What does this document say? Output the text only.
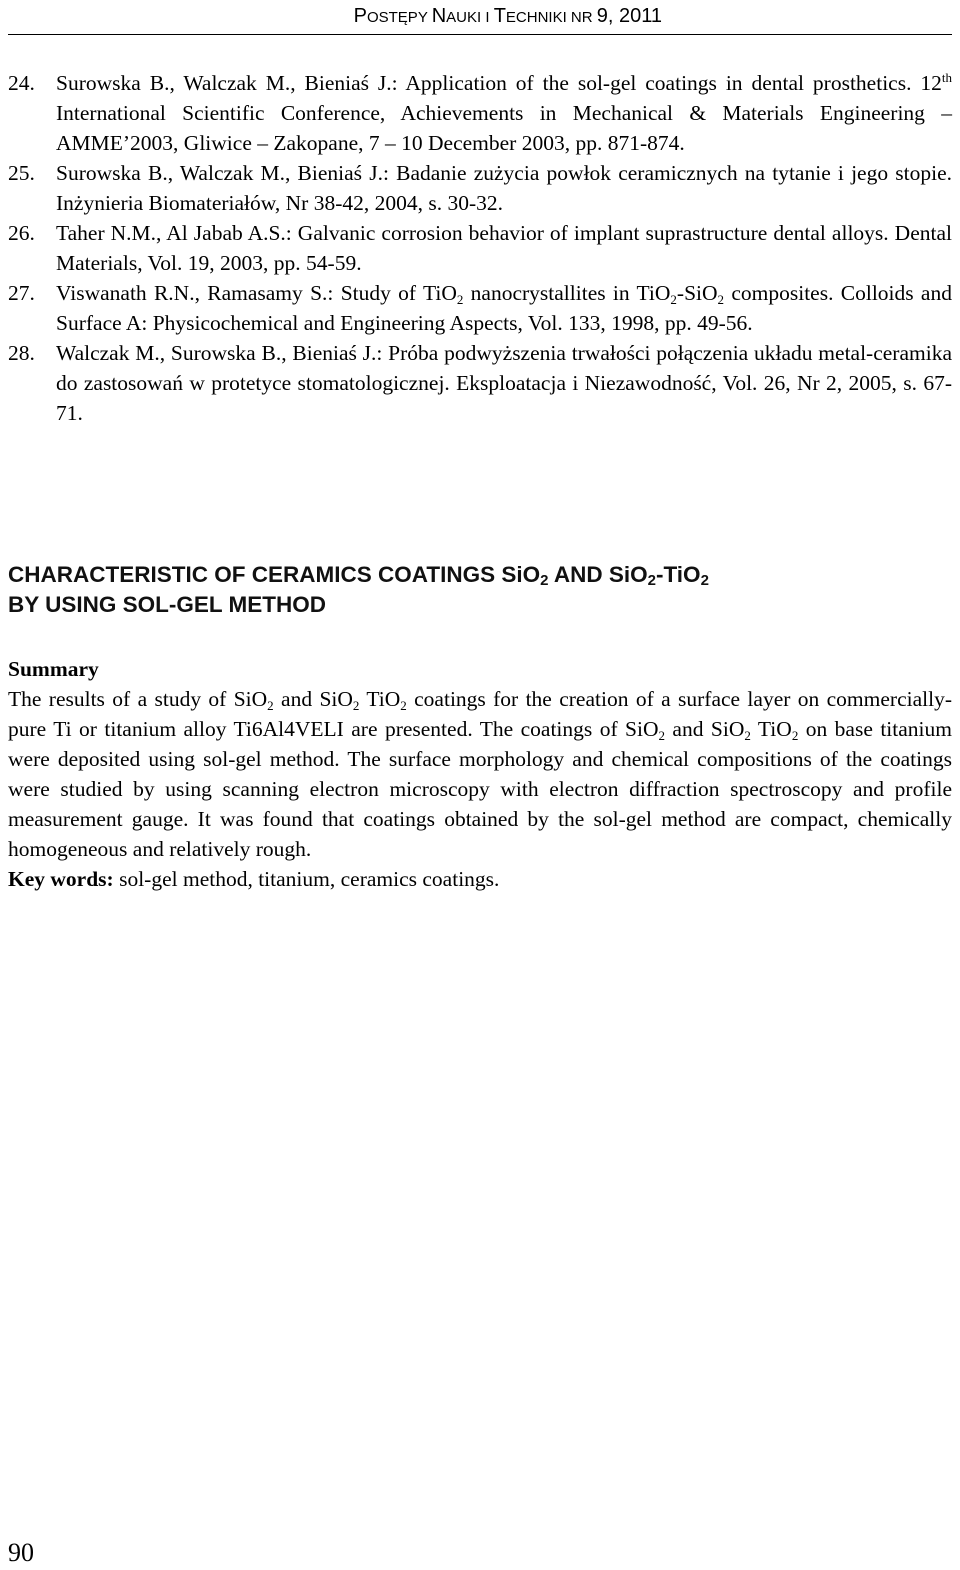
POSTĘPY NAUKI I TECHNIKI NR 9, 2011
24. Surowska B., Walczak M., Bieniaś J.: Application of the sol-gel coatings in dental prosthetics. 12th International Scientific Conference, Achievements in Mechanical & Materials Engineering – AMME’2003, Gliwice – Zakopane, 7 – 10 December 2003, pp. 871-874.
25. Surowska B., Walczak M., Bieniaś J.: Badanie zużycia powłok ceramicznych na tytanie i jego stopie. Inżynieria Biomateriałów, Nr 38-42, 2004, s. 30-32.
26. Taher N.M., Al Jabab A.S.: Galvanic corrosion behavior of implant suprastructure dental alloys. Dental Materials, Vol. 19, 2003, pp. 54-59.
27. Viswanath R.N., Ramasamy S.: Study of TiO$_2$ nanocrystallites in TiO$_2$-SiO$_2$ composites. Colloids and Surface A: Physicochemical and Engineering Aspects, Vol. 133, 1998, pp. 49-56.
28. Walczak M., Surowska B., Bieniaś J.: Próba podwyższenia trwałości połączenia układu metal-ceramika do zastosowań w protetyce stomatologicznej. Eksploatacja i Niezawodność, Vol. 26, Nr 2, 2005, s. 67-71.
CHARACTERISTIC OF CERAMICS COATINGS SiO$_2$ AND SiO$_2$-TiO$_2$
BY USING SOL-GEL METHOD
Summary

The results of a study of SiO$_2$ and SiO$_2$ TiO$_2$ coatings for the creation of a surface layer on commercially-pure Ti or titanium alloy Ti6Al4VELI are presented. The coatings of SiO$_2$ and SiO$_2$ TiO$_2$ on base titanium were deposited using sol-gel method. The surface morphology and chemical compositions of the coatings were studied by using scanning electron microscopy with electron diffraction spectroscopy and profile measurement gauge. It was found that coatings obtained by the sol-gel method are compact, chemically homogeneous and relatively rough.

Key words: sol-gel method, titanium, ceramics coatings.

90
